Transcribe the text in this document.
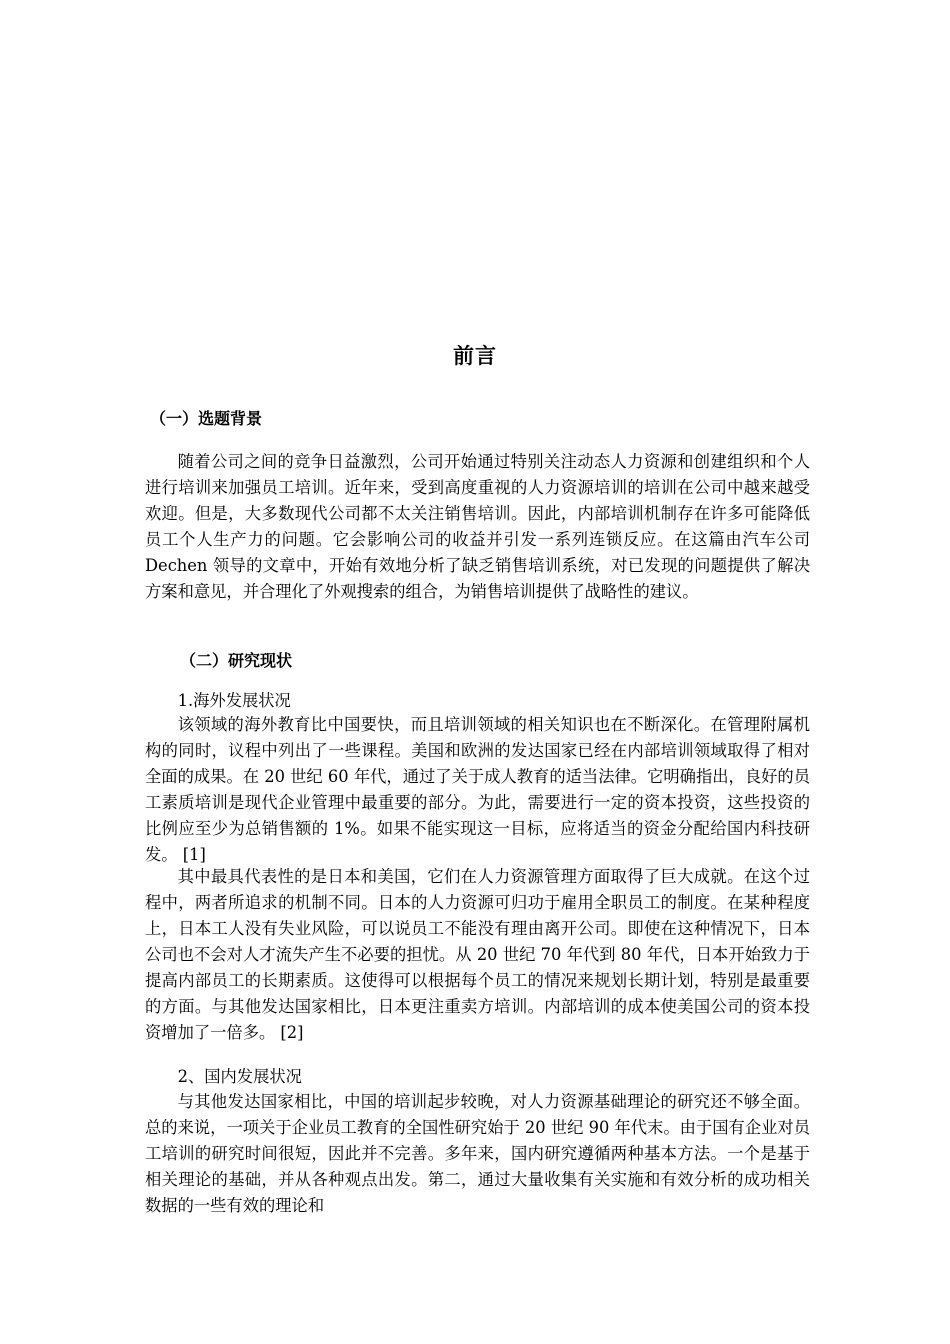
前言
（一）选题背景

随着公司之间的竞争日益激烈，公司开始通过特别关注动态人力资源和创建组织和个人进行培训来加强员工培训。近年来，受到高度重视的人力资源培训的培训在公司中越来越受欢迎。但是，大多数现代公司都不太关注销售培训。因此，内部培训机制存在许多可能降低员工个人生产力的问题。它会影响公司的收益并引发一系列连锁反应。在这篇由汽车公司 Dechen 领导的文章中，开始有效地分析了缺乏销售培训系统，对已发现的问题提供了解决方案和意见，并合理化了外观搜索的组合，为销售培训提供了战略性的建议。

（二）研究现状

1.海外发展状况

该领域的海外教育比中国要快，而且培训领域的相关知识也在不断深化。在管理附属机构的同时，议程中列出了一些课程。美国和欧洲的发达国家已经在内部培训领域取得了相对全面的成果。在 20 世纪 60 年代，通过了关于成人教育的适当法律。它明确指出，良好的员工素质培训是现代企业管理中最重要的部分。为此，需要进行一定的资本投资，这些投资的比例应至少为总销售额的 1%。如果不能实现这一目标，应将适当的资金分配给国内科技研发。 [1]

其中最具代表性的是日本和美国，它们在人力资源管理方面取得了巨大成就。在这个过程中，两者所追求的机制不同。日本的人力资源可归功于雇用全职员工的制度。在某种程度上，日本工人没有失业风险，可以说员工不能没有理由离开公司。即使在这种情况下，日本公司也不会对人才流失产生不必要的担忧。从 20 世纪 70 年代到 80 年代，日本开始致力于提高内部员工的长期素质。这使得可以根据每个员工的情况来规划长期计划，特别是最重要的方面。与其他发达国家相比，日本更注重卖方培训。内部培训的成本使美国公司的资本投资增加了一倍多。 [2]

2、国内发展状况

与其他发达国家相比，中国的培训起步较晚，对人力资源基础理论的研究还不够全面。总的来说，一项关于企业员工教育的全国性研究始于 20 世纪 90 年代末。由于国有企业对员工培训的研究时间很短，因此并不完善。多年来，国内研究遵循两种基本方法。一个是基于相关理论的基础，并从各种观点出发。第二，通过大量收集有关实施和有效分析的成功相关数据的一些有效的理论和
